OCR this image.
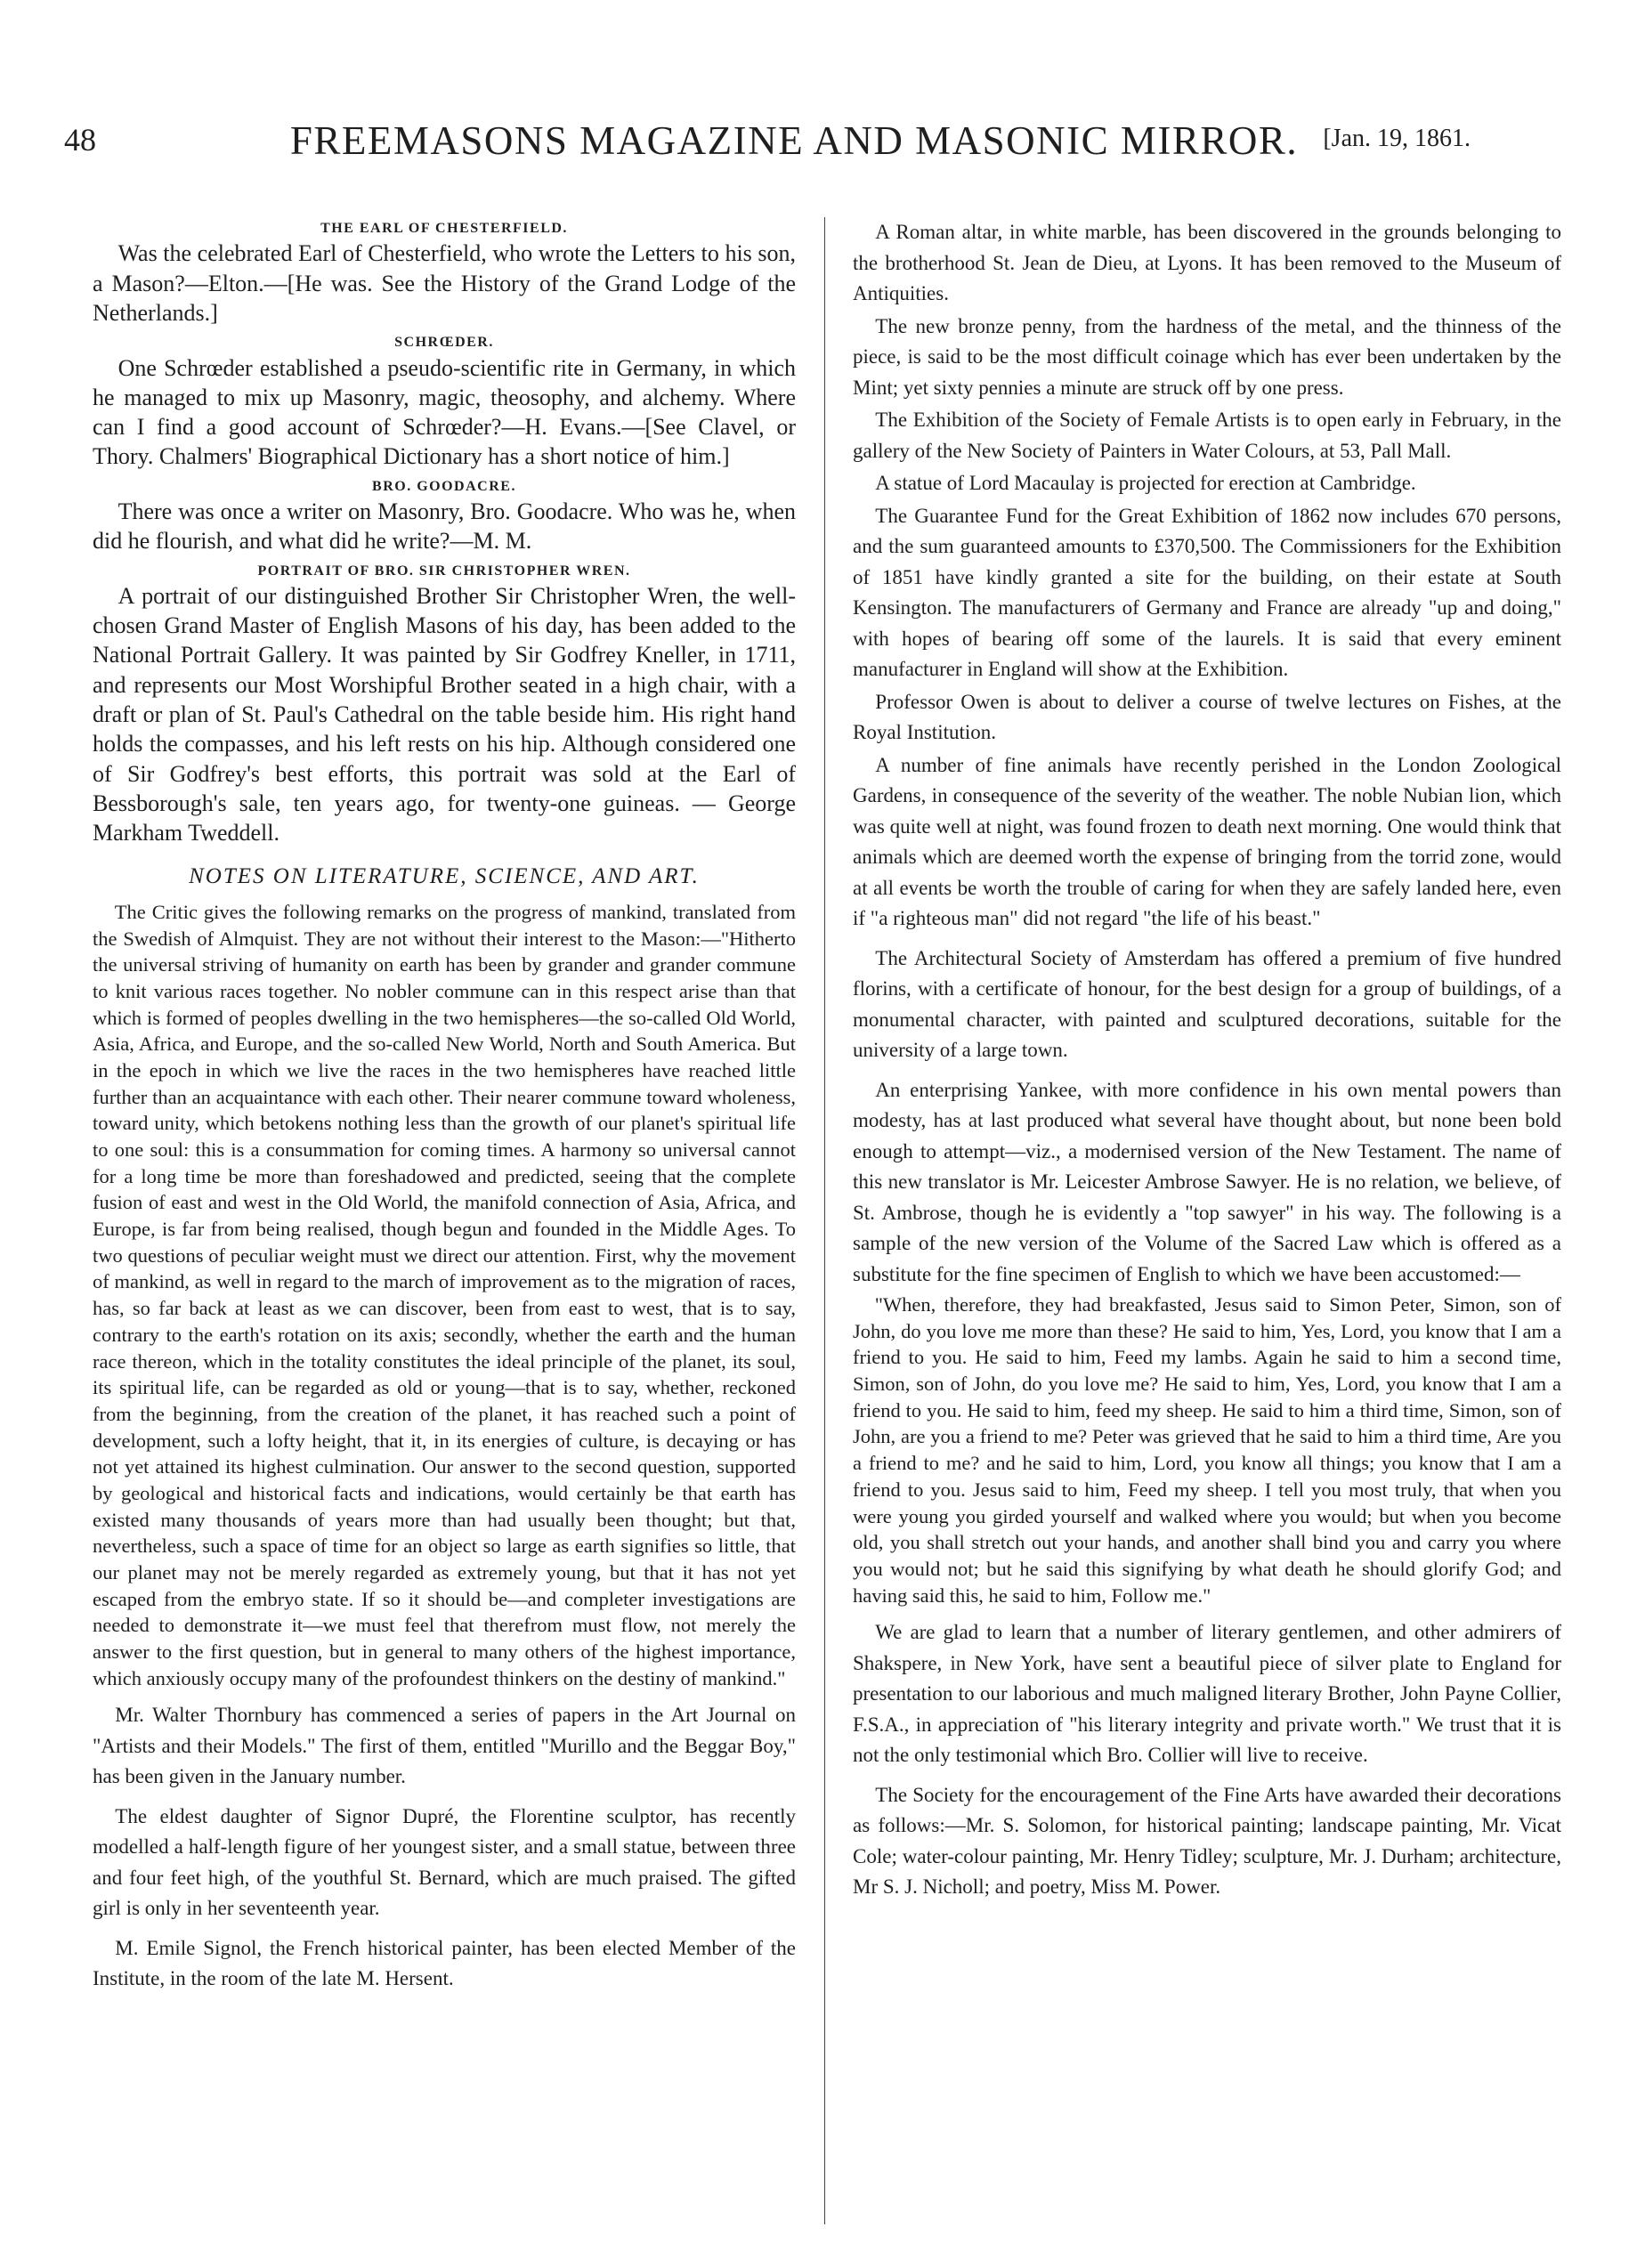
48	FREEMASONS MAGAZINE AND MASONIC MIRROR.	[Jan. 19, 1861.
THE EARL OF CHESTERFIELD.

Was the celebrated Earl of Chesterfield, who wrote the Letters to his son, a Mason?—Elton.—[He was. See the History of the Grand Lodge of the Netherlands.]

SCHRŒDER.

One Schrœder established a pseudo-scientific rite in Germany, in which he managed to mix up Masonry, magic, theosophy, and alchemy. Where can I find a good account of Schrœder?—H. Evans.—[See Clavel, or Thory. Chalmers' Biographical Dictionary has a short notice of him.]

BRO. GOODACRE.

There was once a writer on Masonry, Bro. Goodacre. Who was he, when did he flourish, and what did he write?—M. M.

PORTRAIT OF BRO. SIR CHRISTOPHER WREN.

A portrait of our distinguished Brother Sir Christopher Wren, the well-chosen Grand Master of English Masons of his day, has been added to the National Portrait Gallery. It was painted by Sir Godfrey Kneller, in 1711, and represents our Most Worshipful Brother seated in a high chair, with a draft or plan of St. Paul's Cathedral on the table beside him. His right hand holds the compasses, and his left rests on his hip. Although considered one of Sir Godfrey's best efforts, this portrait was sold at the Earl of Bessborough's sale, ten years ago, for twenty-one guineas. — George Markham Tweddell.

NOTES ON LITERATURE, SCIENCE, AND ART.

The Critic gives the following remarks on the progress of mankind, translated from the Swedish of Almquist. They are not without their interest to the Mason:—"Hitherto the universal striving of humanity on earth has been by grander and grander commune to knit various races together. No nobler commune can in this respect arise than that which is formed of peoples dwelling in the two hemispheres—the so-called Old World, Asia, Africa, and Europe, and the so-called New World, North and South America. But in the epoch in which we live the races in the two hemispheres have reached little further than an acquaintance with each other. Their nearer commune toward wholeness, toward unity, which betokens nothing less than the growth of our planet's spiritual life to one soul: this is a consummation for coming times. A harmony so universal cannot for a long time be more than foreshadowed and predicted, seeing that the complete fusion of east and west in the Old World, the manifold connection of Asia, Africa, and Europe, is far from being realised, though begun and founded in the Middle Ages. To two questions of peculiar weight must we direct our attention. First, why the movement of mankind, as well in regard to the march of improvement as to the migration of races, has, so far back at least as we can discover, been from east to west, that is to say, contrary to the earth's rotation on its axis; secondly, whether the earth and the human race thereon, which in the totality constitutes the ideal principle of the planet, its soul, its spiritual life, can be regarded as old or young—that is to say, whether, reckoned from the beginning, from the creation of the planet, it has reached such a point of development, such a lofty height, that it, in its energies of culture, is decaying or has not yet attained its highest culmination. Our answer to the second question, supported by geological and historical facts and indications, would certainly be that earth has existed many thousands of years more than had usually been thought; but that, nevertheless, such a space of time for an object so large as earth signifies so little, that our planet may not be merely regarded as extremely young, but that it has not yet escaped from the embryo state. If so it should be—and completer investigations are needed to demonstrate it—we must feel that therefrom must flow, not merely the answer to the first question, but in general to many others of the highest importance, which anxiously occupy many of the profoundest thinkers on the destiny of mankind."

Mr. Walter Thornbury has commenced a series of papers in the Art Journal on "Artists and their Models." The first of them, entitled "Murillo and the Beggar Boy," has been given in the January number.

The eldest daughter of Signor Dupré, the Florentine sculptor, has recently modelled a half-length figure of her youngest sister, and a small statue, between three and four feet high, of the youthful St. Bernard, which are much praised. The gifted girl is only in her seventeenth year.

M. Emile Signol, the French historical painter, has been elected Member of the Institute, in the room of the late M. Hersent.

A Roman altar, in white marble, has been discovered in the grounds belonging to the brotherhood St. Jean de Dieu, at Lyons. It has been removed to the Museum of Antiquities.

The new bronze penny, from the hardness of the metal, and the thinness of the piece, is said to be the most difficult coinage which has ever been undertaken by the Mint; yet sixty pennies a minute are struck off by one press.

The Exhibition of the Society of Female Artists is to open early in February, in the gallery of the New Society of Painters in Water Colours, at 53, Pall Mall.

A statue of Lord Macaulay is projected for erection at Cambridge.

The Guarantee Fund for the Great Exhibition of 1862 now includes 670 persons, and the sum guaranteed amounts to £370,500. The Commissioners for the Exhibition of 1851 have kindly granted a site for the building, on their estate at South Kensington. The manufacturers of Germany and France are already "up and doing," with hopes of bearing off some of the laurels. It is said that every eminent manufacturer in England will show at the Exhibition.

Professor Owen is about to deliver a course of twelve lectures on Fishes, at the Royal Institution.

A number of fine animals have recently perished in the London Zoological Gardens, in consequence of the severity of the weather. The noble Nubian lion, which was quite well at night, was found frozen to death next morning. One would think that animals which are deemed worth the expense of bringing from the torrid zone, would at all events be worth the trouble of caring for when they are safely landed here, even if "a righteous man" did not regard "the life of his beast."

The Architectural Society of Amsterdam has offered a premium of five hundred florins, with a certificate of honour, for the best design for a group of buildings, of a monumental character, with painted and sculptured decorations, suitable for the university of a large town.

An enterprising Yankee, with more confidence in his own mental powers than modesty, has at last produced what several have thought about, but none been bold enough to attempt—viz., a modernised version of the New Testament. The name of this new translator is Mr. Leicester Ambrose Sawyer. He is no relation, we believe, of St. Ambrose, though he is evidently a "top sawyer" in his way. The following is a sample of the new version of the Volume of the Sacred Law which is offered as a substitute for the fine specimen of English to which we have been accustomed:—

"When, therefore, they had breakfasted, Jesus said to Simon Peter, Simon, son of John, do you love me more than these? He said to him, Yes, Lord, you know that I am a friend to you. He said to him, Feed my lambs. Again he said to him a second time, Simon, son of John, do you love me? He said to him, Yes, Lord, you know that I am a friend to you. He said to him, feed my sheep. He said to him a third time, Simon, son of John, are you a friend to me? Peter was grieved that he said to him a third time, Are you a friend to me? and he said to him, Lord, you know all things; you know that I am a friend to you. Jesus said to him, Feed my sheep. I tell you most truly, that when you were young you girded yourself and walked where you would; but when you become old, you shall stretch out your hands, and another shall bind you and carry you where you would not; but he said this signifying by what death he should glorify God; and having said this, he said to him, Follow me."

We are glad to learn that a number of literary gentlemen, and other admirers of Shakspere, in New York, have sent a beautiful piece of silver plate to England for presentation to our laborious and much maligned literary Brother, John Payne Collier, F.S.A., in appreciation of "his literary integrity and private worth." We trust that it is not the only testimonial which Bro. Collier will live to receive.

The Society for the encouragement of the Fine Arts have awarded their decorations as follows:—Mr. S. Solomon, for historical painting; landscape painting, Mr. Vicat Cole; water-colour painting, Mr. Henry Tidley; sculpture, Mr. J. Durham; architecture, Mr S. J. Nicholl; and poetry, Miss M. Power.
